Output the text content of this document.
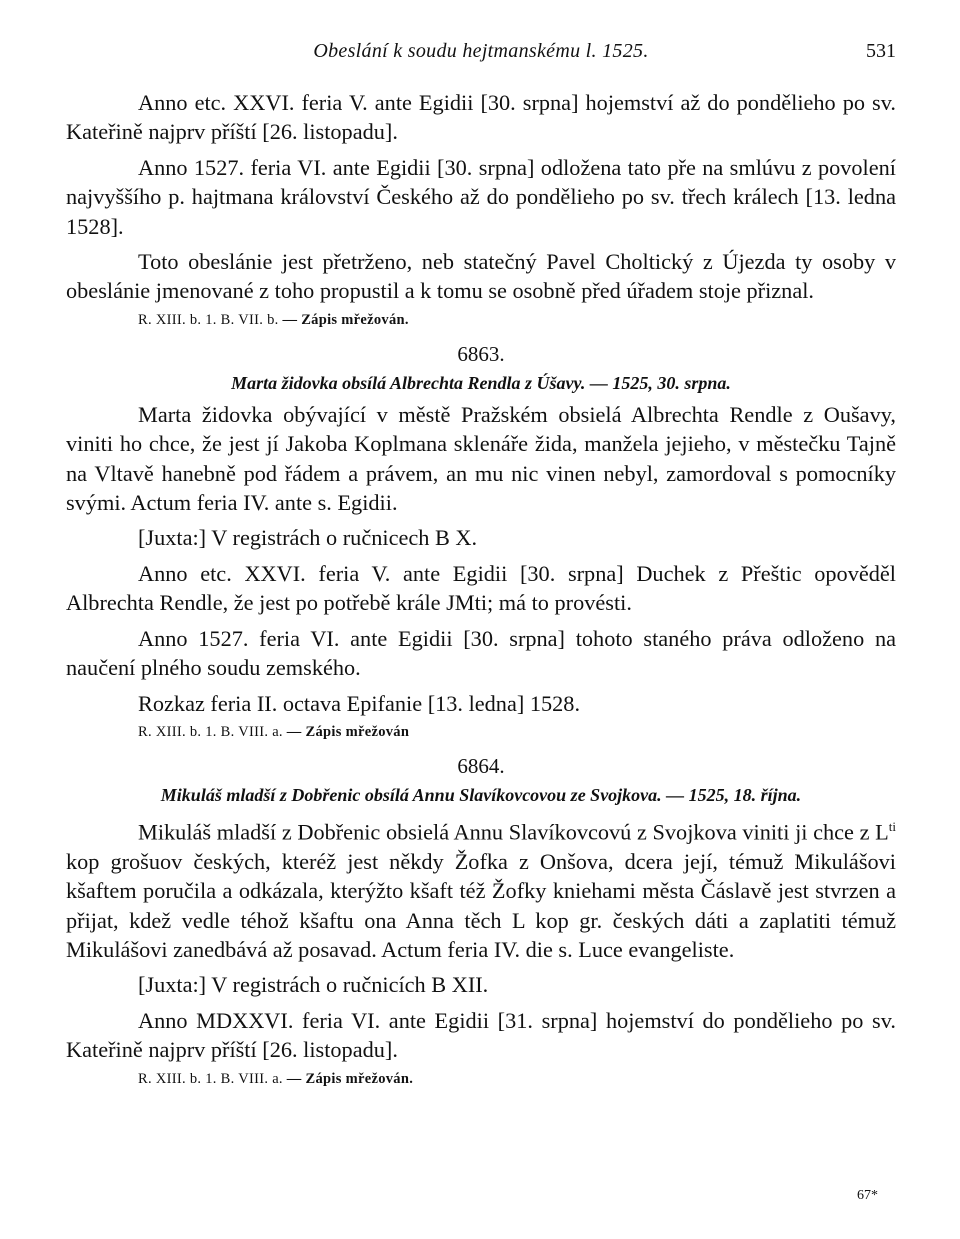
Obeslání k soudu hejtmanskému l. 1525.	531

Anno etc. XXVI. feria V. ante Egidii [30. srpna] hojemství až do pondělieho po sv. Kateřině najprv příští [26. listopadu].

Anno 1527. feria VI. ante Egidii [30. srpna] odložena tato pře na smlúvu z povolení najvyššího p. hajtmana království Českého až do pondělieho po sv. třech králech [13. ledna 1528].

Toto obeslánie jest přetrženo, neb statečný Pavel Choltický z Újezda ty osoby v obeslánie jmenované z toho propustil a k tomu se osobně před úřadem stoje přiznal.

R. XIII. b. 1. B. VII. b. — Zápis mřežován.
6863.
Marta židovka obsílá Albrechta Rendla z Úšavy. — 1525, 30. srpna.

Marta židovka obývající v městě Pražském obsielá Albrechta Rendle z Oušavy, viniti ho chce, že jest jí Jakoba Koplmana sklenáře žida, manžela jejieho, v městečku Tajně na Vltavě hanebně pod řádem a právem, an mu nic vinen nebyl, zamordoval s pomocníky svými. Actum feria IV. ante s. Egidii.

[Juxta:] V registrách o ručnicech B X.

Anno etc. XXVI. feria V. ante Egidii [30. srpna] Duchek z Přeštic opověděl Albrechta Rendle, že jest po potřebě krále JMti; má to provésti.

Anno 1527. feria VI. ante Egidii [30. srpna] tohoto staného práva odloženo na naučení plného soudu zemského.

Rozkaz feria II. octava Epifanie [13. ledna] 1528.

R. XIII. b. 1. B. VIII. a. — Zápis mřežován
6864.
Mikuláš mladší z Dobřenic obsílá Annu Slavíkovcovou ze Svojkova. — 1525, 18. října.

Mikuláš mladší z Dobřenic obsielá Annu Slavíkovcovú z Svojkova viniti ji chce z $L^{ti}$ kop grošuov českých, kteréž jest někdy Žofka z Onšova, dcera její, témuž Mikulášovi kšaftem poručila a odkázala, kterýžto kšaft též Žofky kniehami města Čáslavě jest stvrzen a přijat, kdež vedle téhož kšaftu ona Anna těch L kop gr. českých dáti a zaplatiti témuž Mikulášovi zanedbává až posavad. Actum feria IV. die s. Luce evangeliste.

[Juxta:] V registrách o ručnicích B XII.

Anno MDXXVI. feria VI. ante Egidii [31. srpna] hojemství do pondělieho po sv. Kateřině najprv příští [26. listopadu].

R. XIII. b. 1. B. VIII. a. — Zápis mřežován.
67*
